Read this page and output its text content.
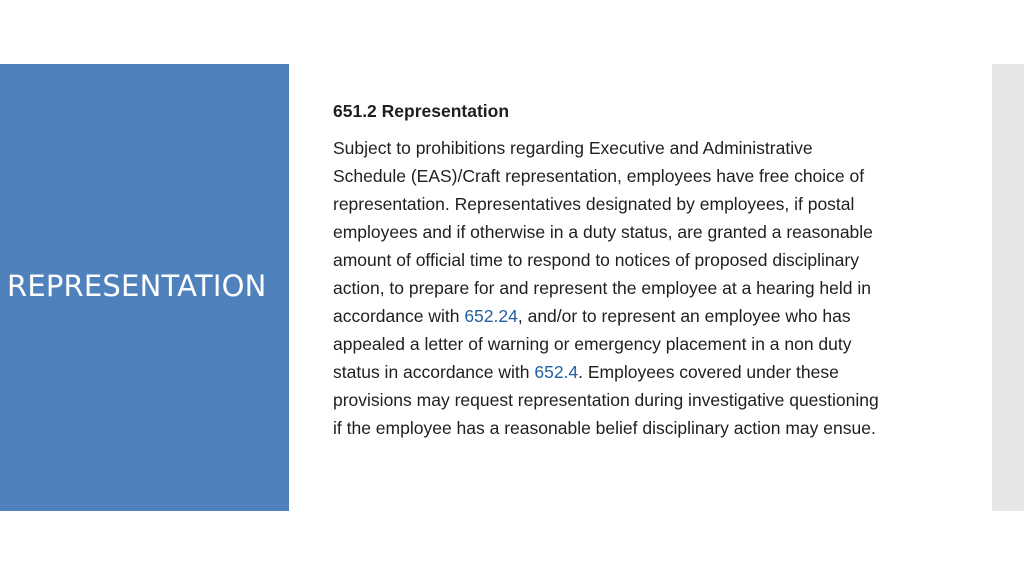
REPRESENTATION
651.2 Representation

Subject to prohibitions regarding Executive and Administrative
Schedule (EAS)/Craft representation, employees have free choice of
representation. Representatives designated by employees, if postal
employees and if otherwise in a duty status, are granted a reasonable
amount of official time to respond to notices of proposed disciplinary
action, to prepare for and represent the employee at a hearing held in
accordance with 652.24, and/or to represent an employee who has
appealed a letter of warning or emergency placement in a non duty
status in accordance with 652.4. Employees covered under these
provisions may request representation during investigative questioning
if the employee has a reasonable belief disciplinary action may ensue.
